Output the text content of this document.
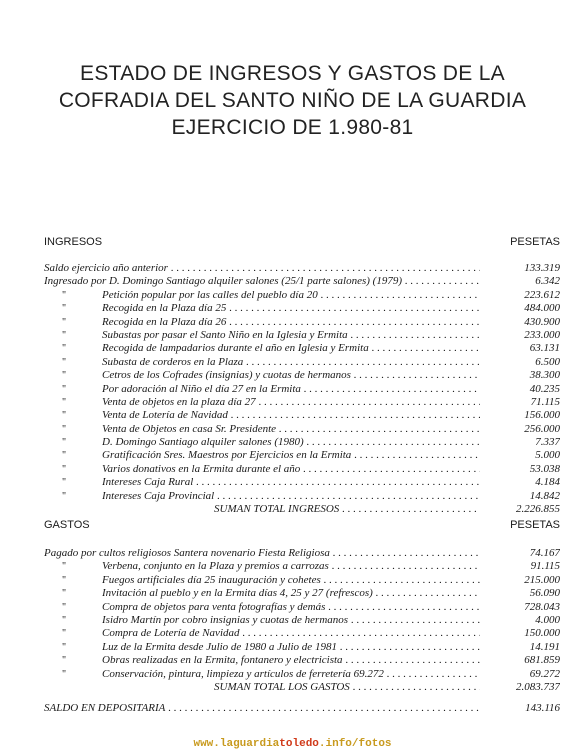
ESTADO DE INGRESOS Y GASTOS DE LA
COFRADIA DEL SANTO NIÑO DE LA GUARDIA
EJERCICIO DE 1.980-81
INGRESOS	PESETAS
Saldo ejercicio año anterior . . .	133.319
Ingresado por D. Domingo Santiago alquiler salones (25/1 parte salones) (1979) . . .	6.342
"	Petición popular por las calles del pueblo día 20 . . .	223.612
"	Recogida en la Plaza día 25 . . .	484.000
"	Recogida en la Plaza día 26 . . .	430.900
"	Subastas por pasar el Santo Niño en la Iglesia y Ermita . . .	233.000
"	Recogida de lampadarios durante el año en Iglesia y Ermita . . .	63.131
"	Subasta de corderos en la Plaza . . .	6.500
"	Cetros de los Cofrades (insignias) y cuotas de hermanos . . .	38.300
"	Por adoración al Niño el día 27 en la Ermita . . .	40.235
"	Venta de objetos en la plaza día 27 . . .	71.115
"	Venta de Lotería de Navidad . . .	156.000
"	Venta de Objetos en casa Sr. Presidente . . .	256.000
"	D. Domingo Santiago alquiler salones (1980) . . .	7.337
"	Gratificación Sres. Maestros por Ejercicios en la Ermita . . .	5.000
"	Varios donativos en la Ermita durante el año . . .	53.038
"	Intereses Caja Rural . . .	4.184
"	Intereses Caja Provincial . . .	14.842
SUMAN TOTAL INGRESOS . . .	2.226.855
GASTOS	PESETAS
Pagado por cultos religiosos Santera novenario Fiesta Religiosa . . .	74.167
"	Verbena, conjunto en la Plaza y premios a carrozas . . .	91.115
"	Fuegos artificiales día 25 inauguración y cohetes . . .	215.000
"	Invitación al pueblo y en la Ermita días 4, 25 y 27 (refrescos) . . .	56.090
"	Compra de objetos para venta fotografías y demás . . .	728.043
"	Isidro Martín por cobro insignias y cuotas de hermanos . . .	4.000
"	Compra de Lotería de Navidad . . .	150.000
"	Luz de la Ermita desde Julio de 1980 a Julio de 1981 . . .	14.191
"	Obras realizadas en la Ermita, fontanero y electricista . . .	681.859
"	Conservación, pintura, limpieza y artículos de ferretería 69.272 . . .	69.272
SUMAN TOTAL LOS GASTOS . . .	2.083.737
SALDO EN DEPOSITARIA . . .	143.116
www.laguardiatoledo.info/fotos
